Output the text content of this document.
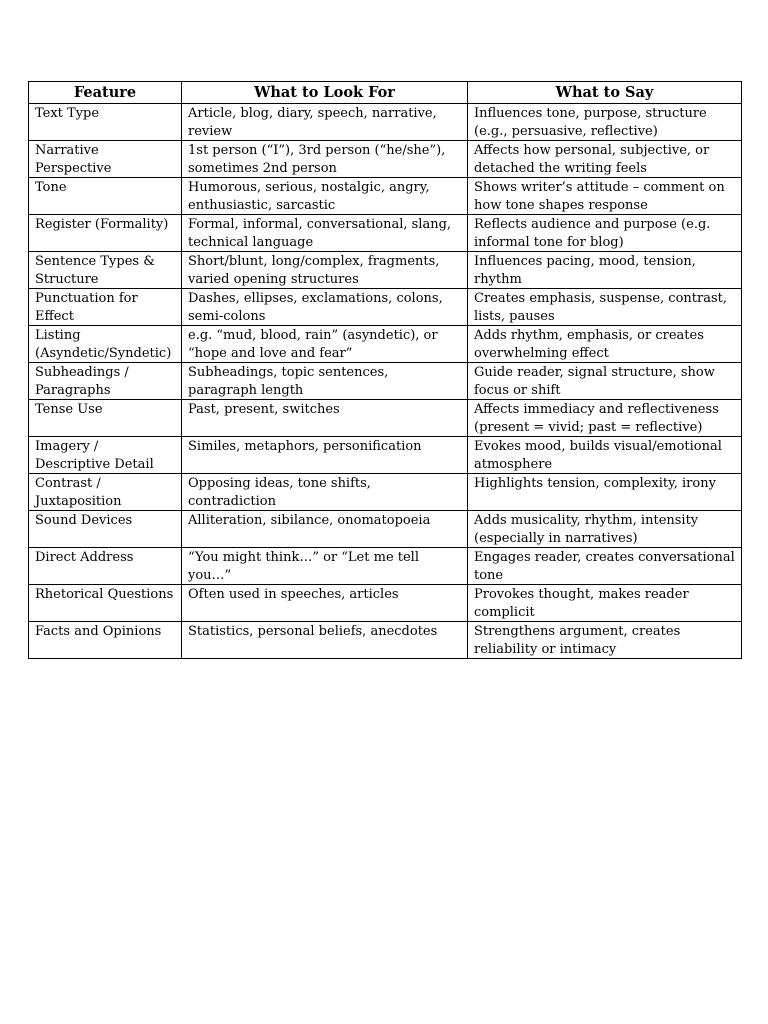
Feature	What to Look For	What to Say
Text Type	Article, blog, diary, speech, narrative, review	Influences tone, purpose, structure (e.g., persuasive, reflective)
Narrative Perspective	1st person (“I”), 3rd person (“he/she”), sometimes 2nd person	Affects how personal, subjective, or detached the writing feels
Tone	Humorous, serious, nostalgic, angry, enthusiastic, sarcastic	Shows writer’s attitude – comment on how tone shapes response
Register (Formality)	Formal, informal, conversational, slang, technical language	Reflects audience and purpose (e.g. informal tone for blog)
Sentence Types & Structure	Short/blunt, long/complex, fragments, varied opening structures	Influences pacing, mood, tension, rhythm
Punctuation for Effect	Dashes, ellipses, exclamations, colons, semi-colons	Creates emphasis, suspense, contrast, lists, pauses
Listing (Asyndetic/Syndetic)	e.g. “mud, blood, rain” (asyndetic), or “hope and love and fear”	Adds rhythm, emphasis, or creates overwhelming effect
Subheadings / Paragraphs	Subheadings, topic sentences, paragraph length	Guide reader, signal structure, show focus or shift
Tense Use	Past, present, switches	Affects immediacy and reflectiveness (present = vivid; past = reflective)
Imagery / Descriptive Detail	Similes, metaphors, personification	Evokes mood, builds visual/emotional atmosphere
Contrast / Juxtaposition	Opposing ideas, tone shifts, contradiction	Highlights tension, complexity, irony
Sound Devices	Alliteration, sibilance, onomatopoeia	Adds musicality, rhythm, intensity (especially in narratives)
Direct Address	“You might think…” or “Let me tell you…”	Engages reader, creates conversational tone
Rhetorical Questions	Often used in speeches, articles	Provokes thought, makes reader complicit
Facts and Opinions	Statistics, personal beliefs, anecdotes	Strengthens argument, creates reliability or intimacy
